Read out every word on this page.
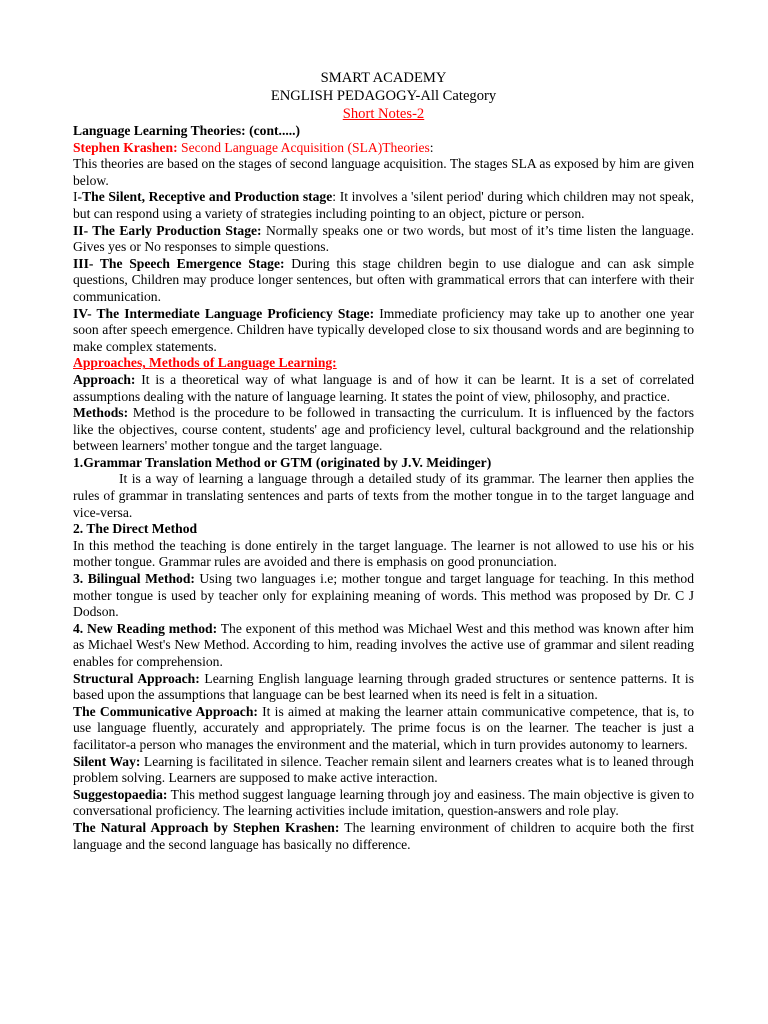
SMART ACADEMY
ENGLISH PEDAGOGY-All Category
Short Notes-2

Language Learning Theories: (cont.....)

Stephen Krashen: Second Language Acquisition (SLA)Theories:

This theories are based on the stages of second language acquisition. The stages SLA as exposed by him are given below.

I-The Silent, Receptive and Production stage: It involves a 'silent period' during which children may not speak, but can respond using a variety of strategies including pointing to an object, picture or person.

II- The Early Production Stage: Normally speaks one or two words, but most of it’s time listen the language. Gives yes or No responses to simple questions.

III- The Speech Emergence Stage: During this stage children begin to use dialogue and can ask simple questions, Children may produce longer sentences, but often with grammatical errors that can interfere with their communication.

IV- The Intermediate Language Proficiency Stage: Immediate proficiency may take up to another one year soon after speech emergence. Children have typically developed close to six thousand words and are beginning to make complex statements.

Approaches, Methods of Language Learning:

Approach: It is a theoretical way of what language is and of how it can be learnt. It is a set of correlated assumptions dealing with the nature of language learning. It states the point of view, philosophy, and practice.

Methods: Method is the procedure to be followed in transacting the curriculum. It is influenced by the factors like the objectives, course content, students' age and proficiency level, cultural background and the relationship between learners' mother tongue and the target language.

1.Grammar Translation Method or GTM (originated by J.V. Meidinger)

It is a way of learning a language through a detailed study of its grammar. The learner then applies the rules of grammar in translating sentences and parts of texts from the mother tongue in to the target language and vice-versa.

2. The Direct Method

In this method the teaching is done entirely in the target language. The learner is not allowed to use his or his mother tongue. Grammar rules are avoided and there is emphasis on good pronunciation.

3. Bilingual Method: Using two languages i.e; mother tongue and target language for teaching. In this method mother tongue is used by teacher only for explaining meaning of words. This method was proposed by Dr. C J Dodson.

4. New Reading method: The exponent of this method was Michael West and this method was known after him as Michael West's New Method. According to him, reading involves the active use of grammar and silent reading enables for comprehension.

Structural Approach: Learning English language learning through graded structures or sentence patterns. It is based upon the assumptions that language can be best learned when its need is felt in a situation.

The Communicative Approach: It is aimed at making the learner attain communicative competence, that is, to use language fluently, accurately and appropriately. The prime focus is on the learner. The teacher is just a facilitator-a person who manages the environment and the material, which in turn provides autonomy to learners.

Silent Way: Learning is facilitated in silence. Teacher remain silent and learners creates what is to leaned through problem solving. Learners are supposed to make active interaction.

Suggestopaedia: This method suggest language learning through joy and easiness. The main objective is given to conversational proficiency. The learning activities include imitation, question-answers and role play.

The Natural Approach by Stephen Krashen: The learning environment of children to acquire both the first language and the second language has basically no difference.
